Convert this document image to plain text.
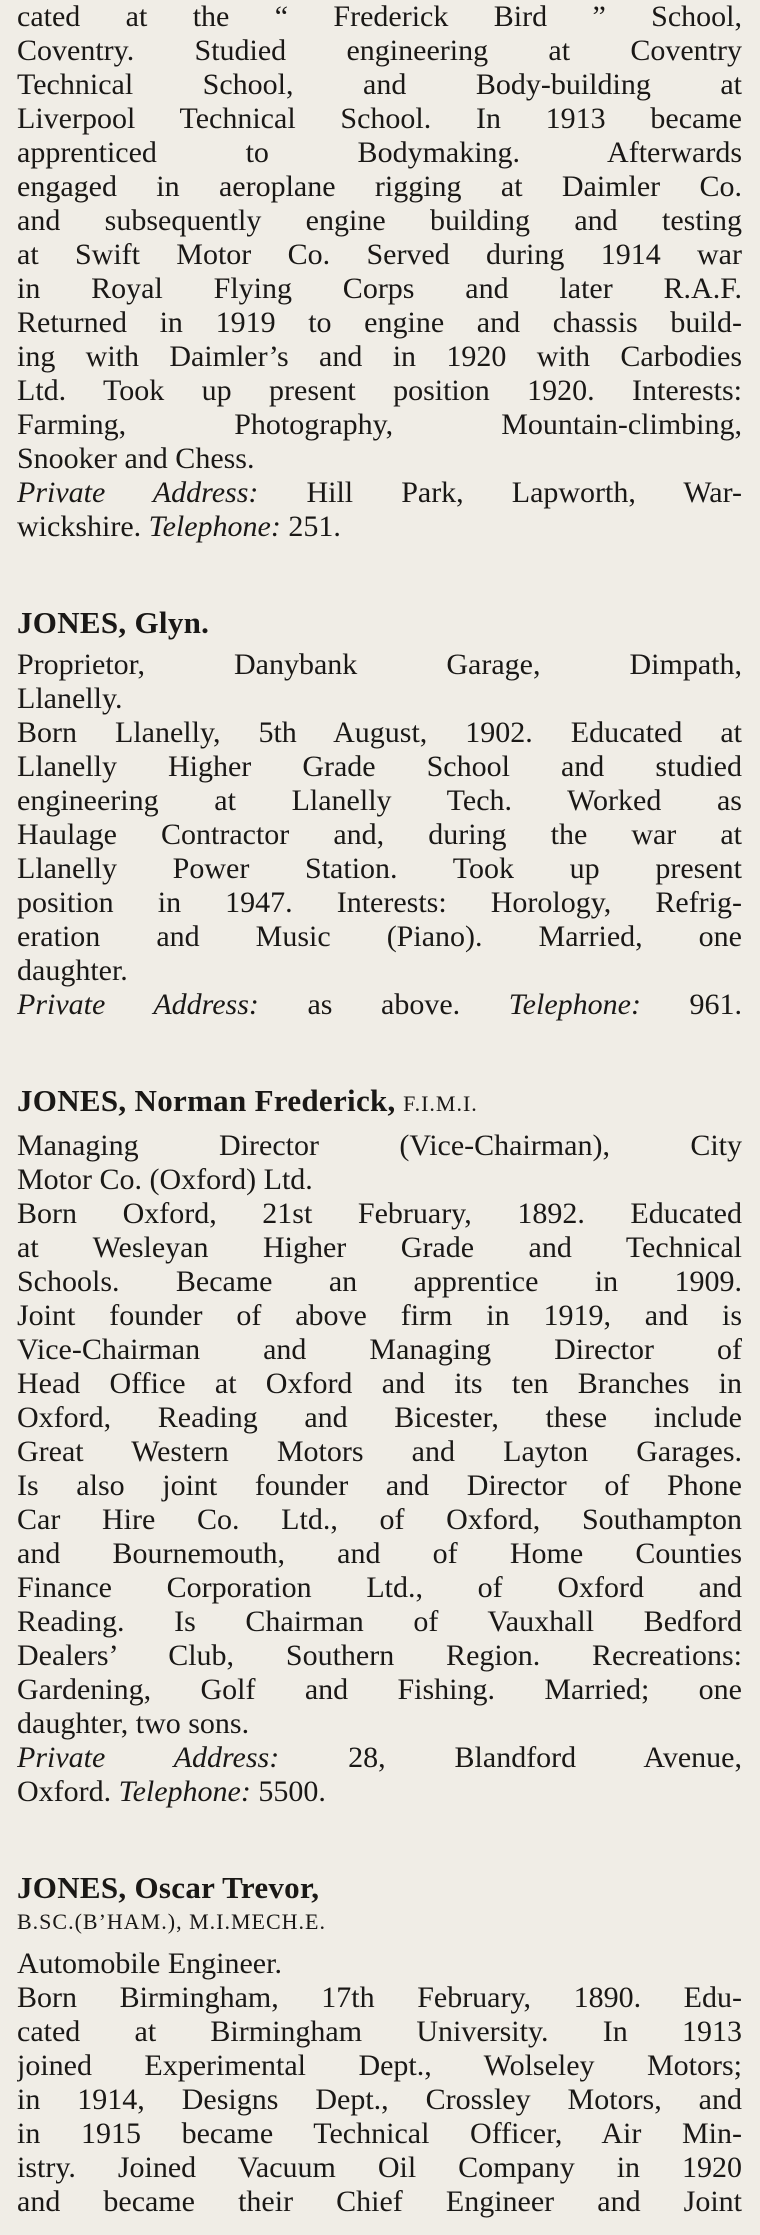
cated at the “ Frederick Bird ” School,
Coventry. Studied engineering at Coventry
Technical School, and Body-building at
Liverpool Technical School. In 1913 became
apprenticed to Bodymaking. Afterwards
engaged in aeroplane rigging at Daimler Co.
and subsequently engine building and testing
at Swift Motor Co. Served during 1914 war
in Royal Flying Corps and later R.A.F.
Returned in 1919 to engine and chassis build-
ing with Daimler’s and in 1920 with Carbodies
Ltd. Took up present position 1920. Interests:
Farming, Photography, Mountain-climbing,
Snooker and Chess.
Private Address: Hill Park, Lapworth, War-
wickshire. Telephone: 251.
JONES, Glyn.
Proprietor, Danybank Garage, Dimpath,
Llanelly.
Born Llanelly, 5th August, 1902. Educated at
Llanelly Higher Grade School and studied
engineering at Llanelly Tech. Worked as
Haulage Contractor and, during the war at
Llanelly Power Station. Took up present
position in 1947. Interests: Horology, Refrig-
eration and Music (Piano). Married, one
daughter.
Private Address: as above. Telephone: 961.
JONES, Norman Frederick, F.I.M.I.
Managing Director (Vice-Chairman), City
Motor Co. (Oxford) Ltd.
Born Oxford, 21st February, 1892. Educated
at Wesleyan Higher Grade and Technical
Schools. Became an apprentice in 1909.
Joint founder of above firm in 1919, and is
Vice-Chairman and Managing Director of
Head Office at Oxford and its ten Branches in
Oxford, Reading and Bicester, these include
Great Western Motors and Layton Garages.
Is also joint founder and Director of Phone
Car Hire Co. Ltd., of Oxford, Southampton
and Bournemouth, and of Home Counties
Finance Corporation Ltd., of Oxford and
Reading. Is Chairman of Vauxhall Bedford
Dealers’ Club, Southern Region. Recreations:
Gardening, Golf and Fishing. Married; one
daughter, two sons.
Private Address: 28, Blandford Avenue,
Oxford. Telephone: 5500.
JONES, Oscar Trevor,
B.SC.(B’HAM.), M.I.MECH.E.
Automobile Engineer.
Born Birmingham, 17th February, 1890. Edu-
cated at Birmingham University. In 1913
joined Experimental Dept., Wolseley Motors;
in 1914, Designs Dept., Crossley Motors, and
in 1915 became Technical Officer, Air Min-
istry. Joined Vacuum Oil Company in 1920
and became their Chief Engineer and Joint
